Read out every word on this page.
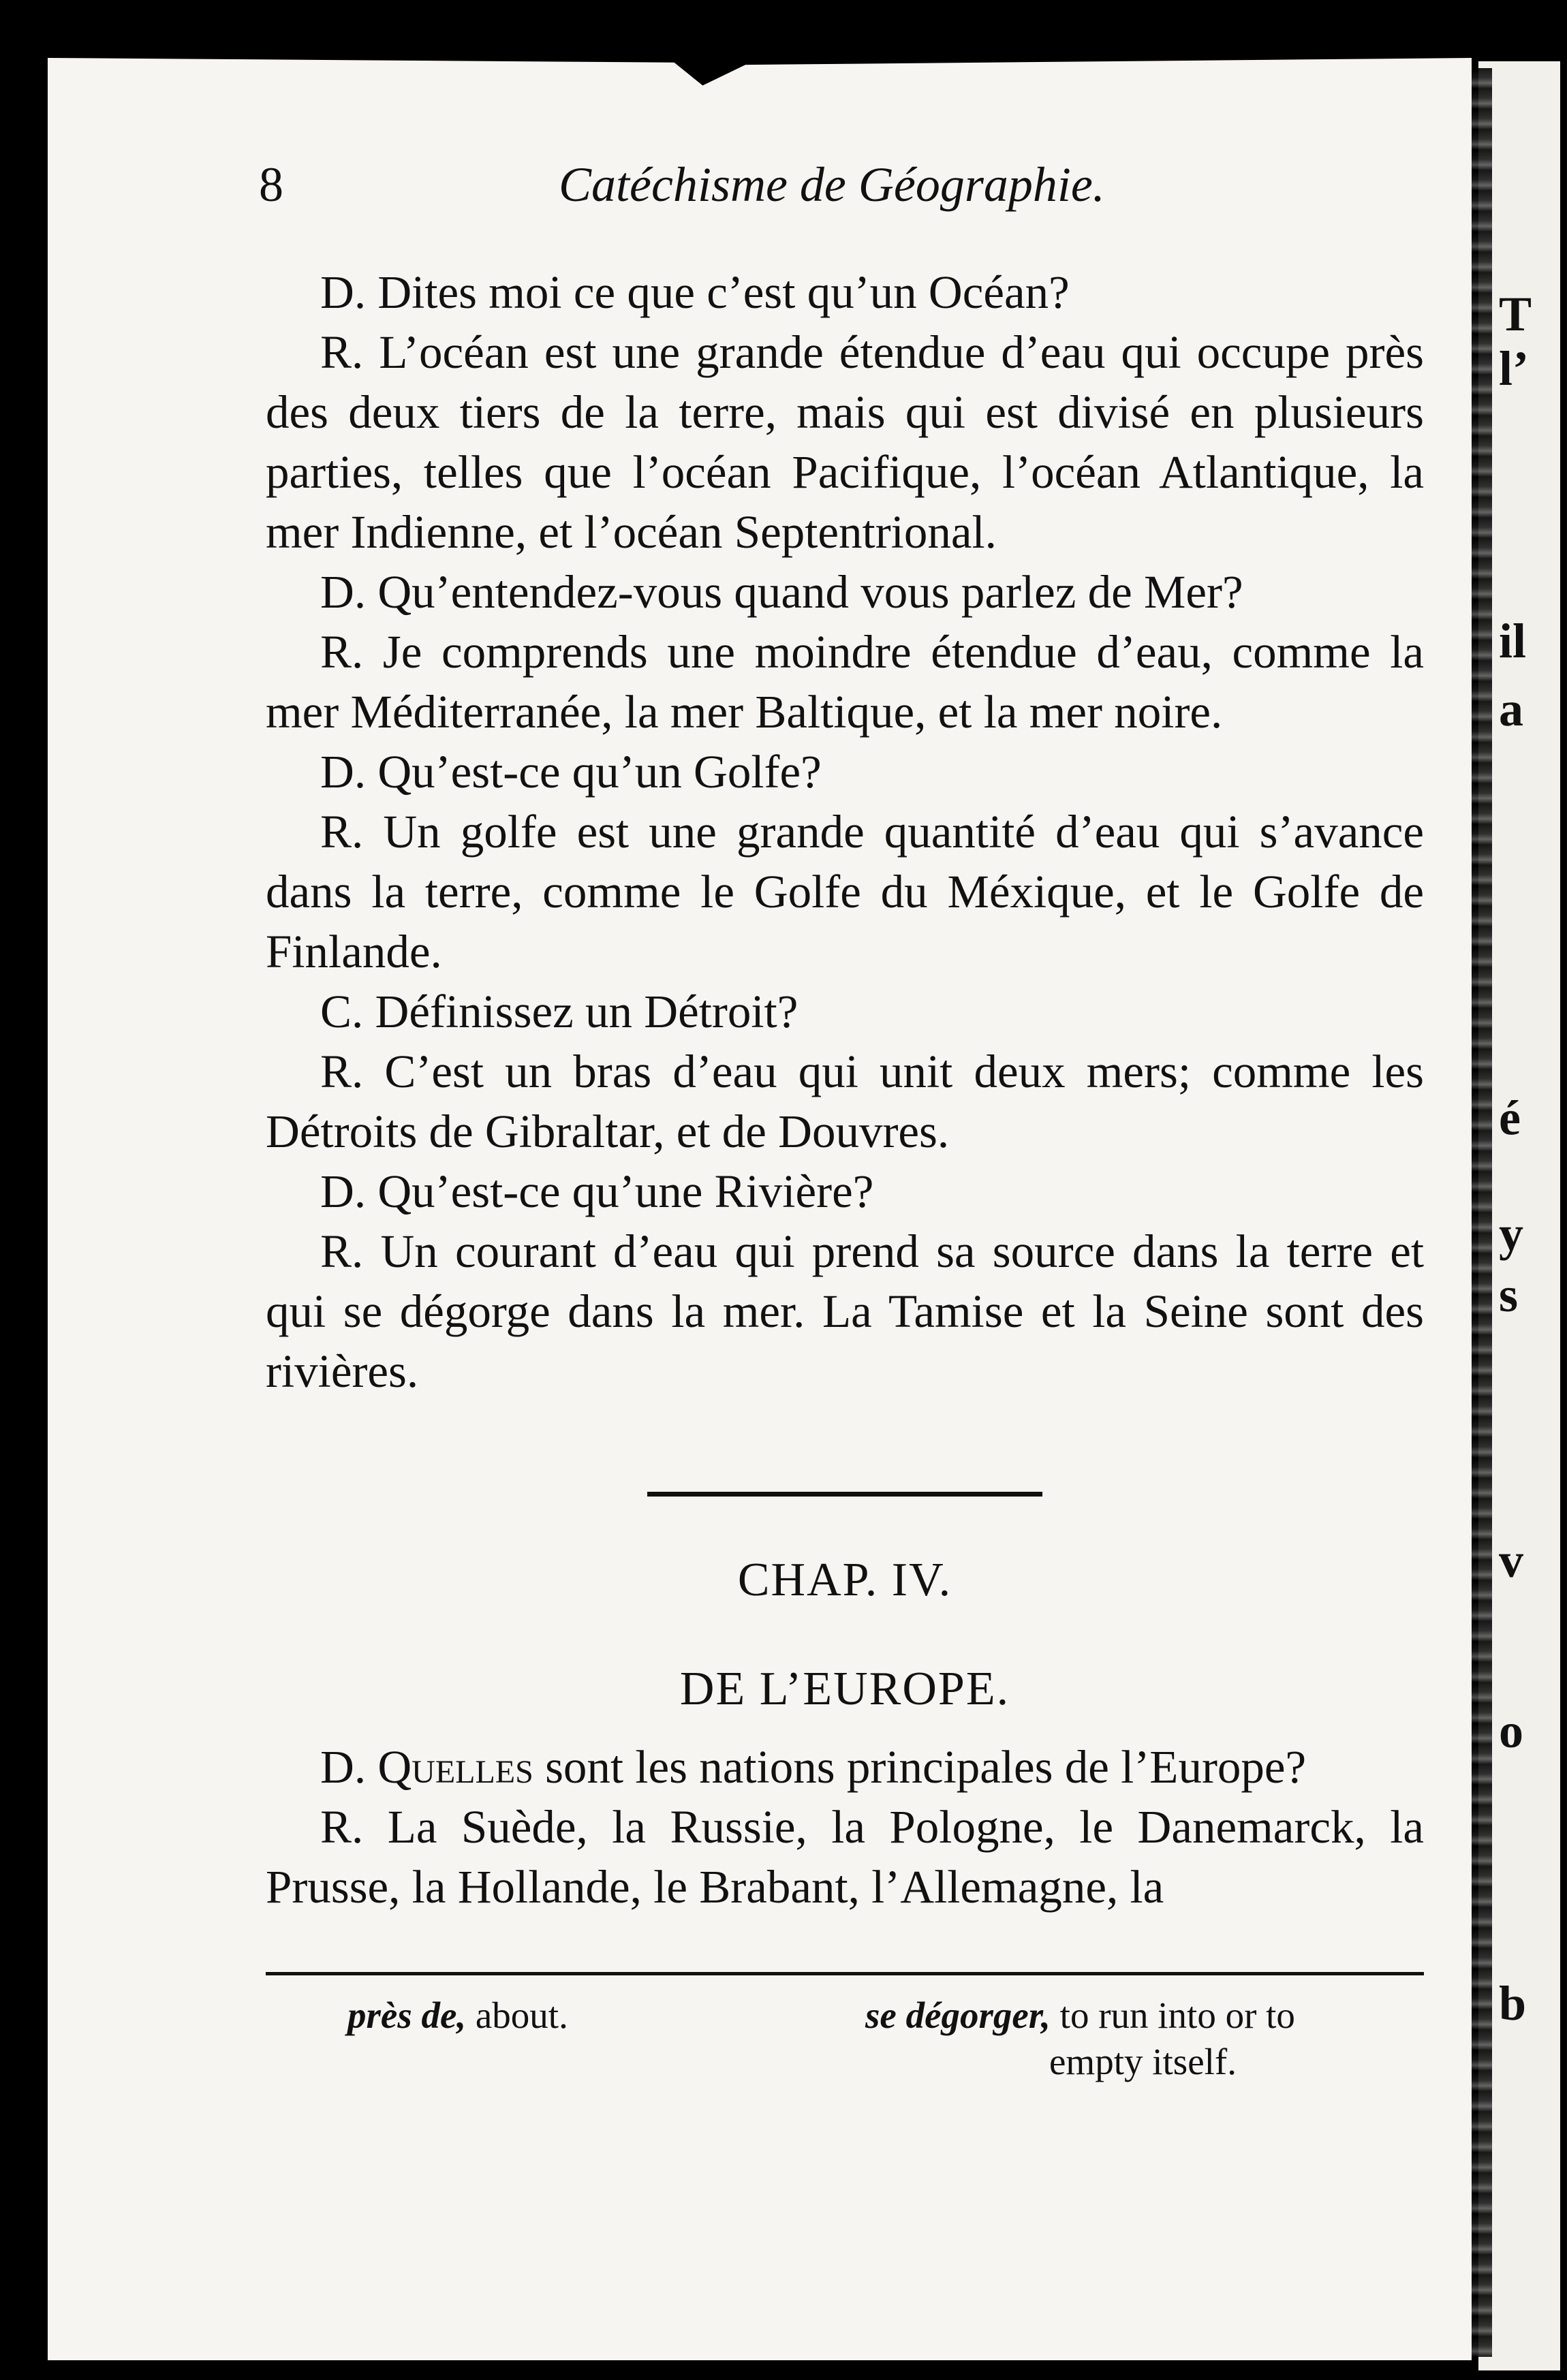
T
l’
il
a
é
y
s
v
o
b
8	Catéchisme de Géographie.

D. Dites moi ce que c’est qu’un Océan?

R. L’océan est une grande étendue d’eau qui occupe près des deux tiers de la terre, mais qui est divisé en plusieurs parties, telles que l’océan Pacifique, l’océan Atlantique, la mer Indienne, et l’océan Septentrional.

D. Qu’entendez-vous quand vous parlez de Mer?

R. Je comprends une moindre étendue d’eau, comme la mer Méditerranée, la mer Baltique, et la mer noire.

D. Qu’est-ce qu’un Golfe?

R. Un golfe est une grande quantité d’eau qui s’avance dans la terre, comme le Golfe du Méxique, et le Golfe de Finlande.

C. Définissez un Détroit?

R. C’est un bras d’eau qui unit deux mers; comme les Détroits de Gibraltar, et de Douvres.

D. Qu’est-ce qu’une Rivière?

R. Un courant d’eau qui prend sa source dans la terre et qui se dégorge dans la mer. La Tamise et la Seine sont des rivières.

CHAP. IV.
DE L’EUROPE.

D. Quelles sont les nations principales de l’Europe?

R. La Suède, la Russie, la Pologne, le Danemarck, la Prusse, la Hollande, le Brabant, l’Allemagne, la

près de, about.	se dégorger, to run into or to
empty itself.
